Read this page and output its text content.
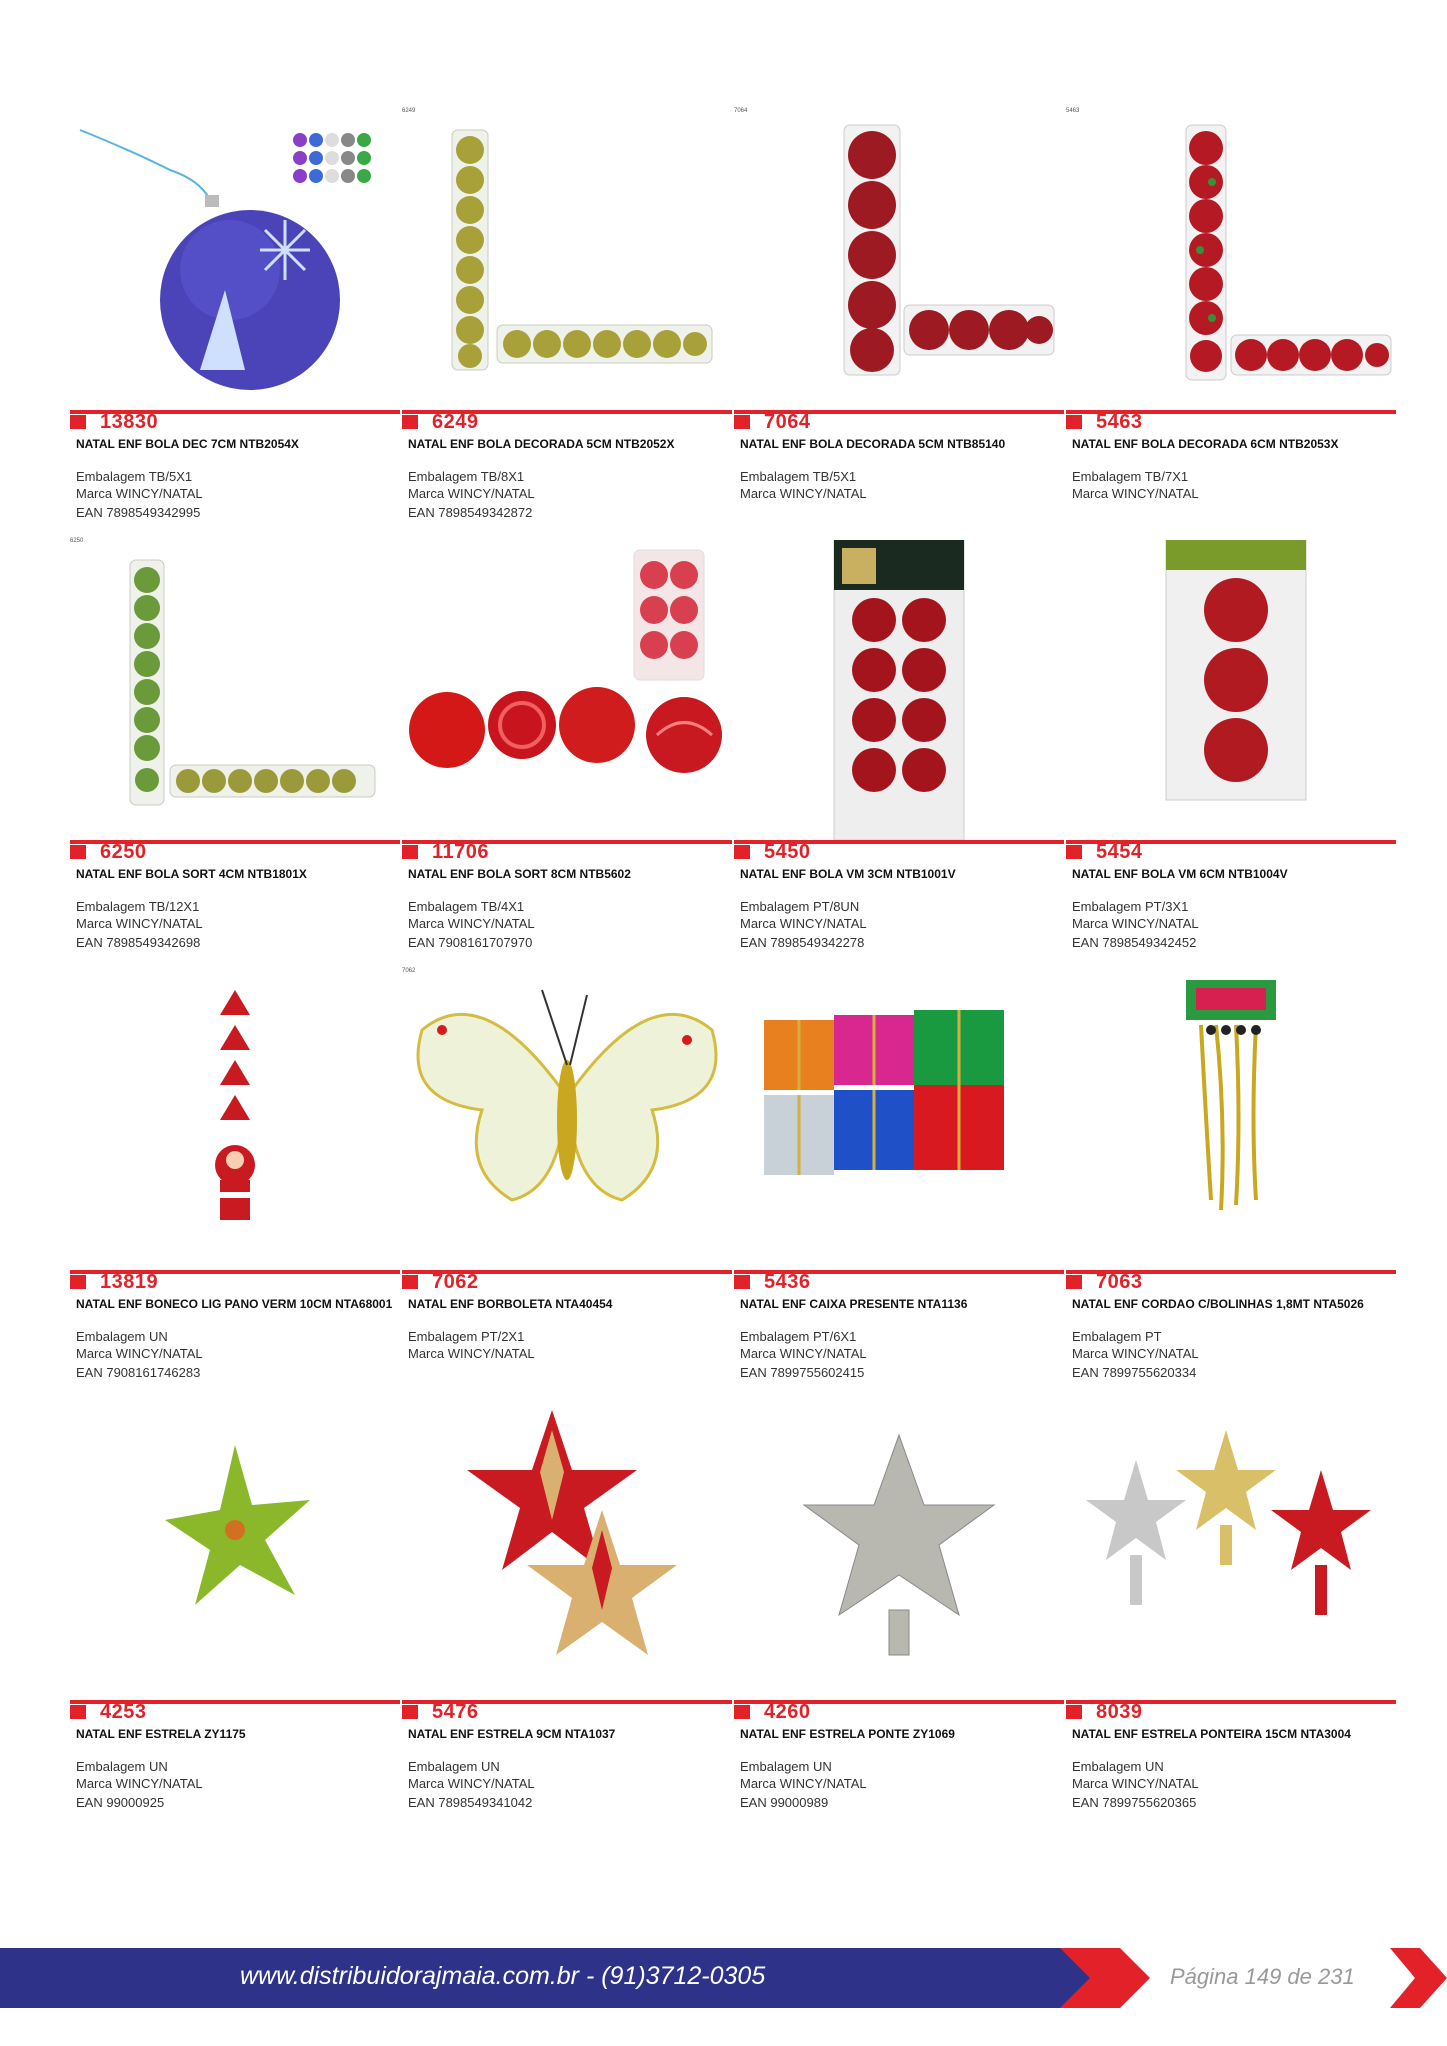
13830
NATAL ENF BOLA DEC 7CM NTB2054X
Embalagem TB/5X1
Marca WINCY/NATAL
EAN 7898549342995
6249
6249
NATAL ENF BOLA DECORADA 5CM NTB2052X
Embalagem TB/8X1
Marca WINCY/NATAL
EAN 7898549342872
7064
7064
NATAL ENF BOLA DECORADA 5CM NTB85140
Embalagem TB/5X1
Marca WINCY/NATAL
5463
5463
NATAL ENF BOLA DECORADA 6CM NTB2053X
Embalagem TB/7X1
Marca WINCY/NATAL
6250
6250
NATAL ENF BOLA SORT 4CM NTB1801X
Embalagem TB/12X1
Marca WINCY/NATAL
EAN 7898549342698
11706
NATAL ENF BOLA SORT 8CM NTB5602
Embalagem TB/4X1
Marca WINCY/NATAL
EAN 7908161707970
5450
NATAL ENF BOLA VM 3CM NTB1001V
Embalagem PT/8UN
Marca WINCY/NATAL
EAN 7898549342278
5454
NATAL ENF BOLA VM 6CM NTB1004V
Embalagem PT/3X1
Marca WINCY/NATAL
EAN 7898549342452
13819
NATAL ENF BONECO LIG PANO VERM 10CM NTA68001
Embalagem UN
Marca WINCY/NATAL
EAN 7908161746283
7062
7062
NATAL ENF BORBOLETA NTA40454
Embalagem PT/2X1
Marca WINCY/NATAL
5436
NATAL ENF CAIXA PRESENTE NTA1136
Embalagem PT/6X1
Marca WINCY/NATAL
EAN 7899755602415
7063
NATAL ENF CORDAO C/BOLINHAS 1,8MT NTA5026
Embalagem PT
Marca WINCY/NATAL
EAN 7899755620334
4253
NATAL ENF ESTRELA ZY1175
Embalagem UN
Marca WINCY/NATAL
EAN 99000925
5476
NATAL ENF ESTRELA 9CM NTA1037
Embalagem UN
Marca WINCY/NATAL
EAN 7898549341042
4260
NATAL ENF ESTRELA PONTE ZY1069
Embalagem UN
Marca WINCY/NATAL
EAN 99000989
8039
NATAL ENF ESTRELA PONTEIRA 15CM NTA3004
Embalagem UN
Marca WINCY/NATAL
EAN 7899755620365
www.distribuidorajmaia.com.br - (91)3712-0305	Página 149 de 231
